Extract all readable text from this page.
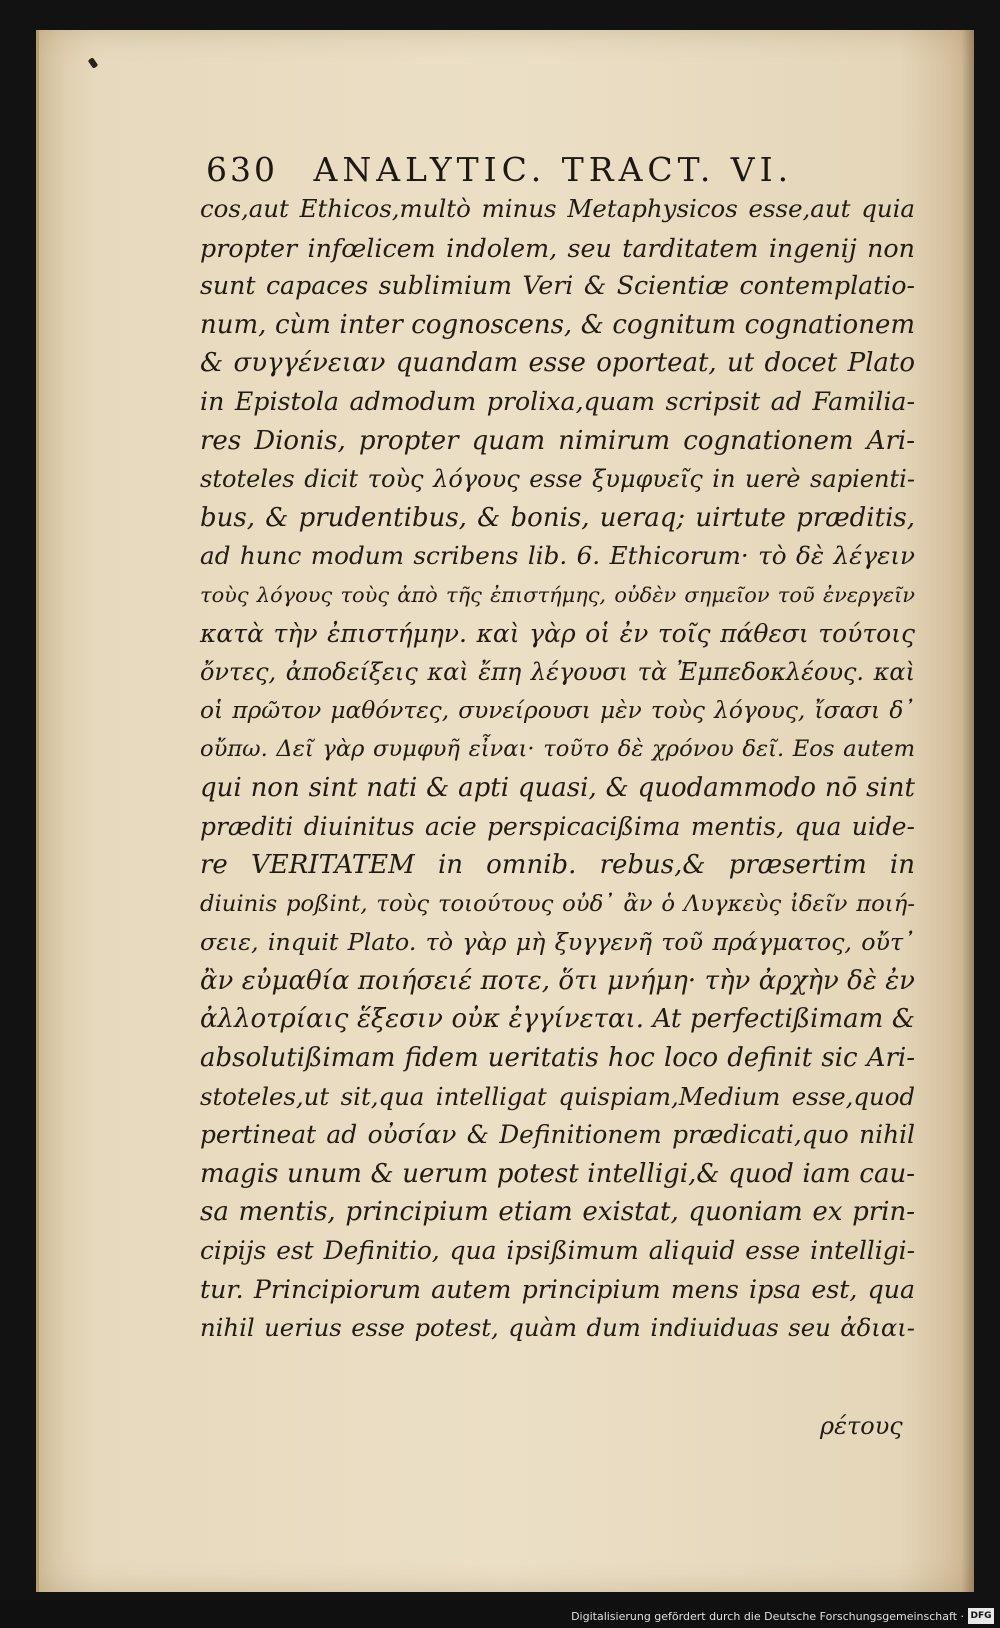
630 ANALYTIC. TRACT. VI.
cos,aut Ethicos,multò minus Metaphysicos esse,aut quia
propter infœlicem indolem, seu tarditatem ingenij non
sunt capaces sublimium Veri & Scientiæ contemplatio-
num, cùm inter cognoscens, & cognitum cognationem
& συγγένειαν quandam esse oporteat, ut docet Plato
in Epistola admodum prolixa,quam scripsit ad Familia-
res Dionis, propter quam nimirum cognationem Ari-
stoteles dicit τοὺς λόγους esse ξυμφυεῖς in uerè sapienti-
bus, & prudentibus, & bonis, ueraq; uirtute præditis,
ad hunc modum scribens lib. 6. Ethicorum· τὸ δὲ λέγειν
τοὺς λόγους τοὺς ἀπὸ τῆς ἐπιστήμης, οὐδὲν σημεῖον τοῦ ἐνεργεῖν
κατὰ τὴν ἐπιστήμην. καὶ γὰρ οἱ ἐν τοῖς πάθεσι τούτοις
ὄντες, ἀποδείξεις καὶ ἔπη λέγουσι τὰ Ἐμπεδοκλέους. καὶ
οἱ πρῶτον μαθόντες, συνείρουσι μὲν τοὺς λόγους, ἴσασι δ᾽
οὔπω. Δεῖ γὰρ συμφυῆ εἶναι· τοῦτο δὲ χρόνου δεῖ. Eos autem
qui non sint nati & apti quasi, & quodammodo nō sint
præditi diuinitus acie perspicacißima mentis, qua uide-
re VERITATEM in omnib. rebus,& præsertim in
diuinis poßint, τοὺς τοιούτους οὐδ᾽ ἂν ὁ Λυγκεὺς ἰδεῖν ποιή-
σειε, inquit Plato. τὸ γὰρ μὴ ξυγγενῆ τοῦ πράγματος, οὔτ᾽
ἂν εὐμαθία ποιήσειέ ποτε, ὅτι μνήμη· τὴν ἀρχὴν δὲ ἐν
ἀλλοτρίαις ἕξεσιν οὐκ ἐγγίνεται. At perfectißimam &
absolutißimam fidem ueritatis hoc loco definit sic Ari-
stoteles,ut sit,qua intelligat quispiam,Medium esse,quod
pertineat ad οὐσίαν & Definitionem prædicati,quo nihil
magis unum & uerum potest intelligi,& quod iam cau-
sa mentis, principium etiam existat, quoniam ex prin-
cipijs est Definitio, qua ipsißimum aliquid esse intelligi-
tur. Principiorum autem principium mens ipsa est, qua
nihil uerius esse potest, quàm dum indiuiduas seu ἀδιαι-
ρέτους
Digitalisierung gefördert durch die Deutsche Forschungsgemeinschaft · DFG
